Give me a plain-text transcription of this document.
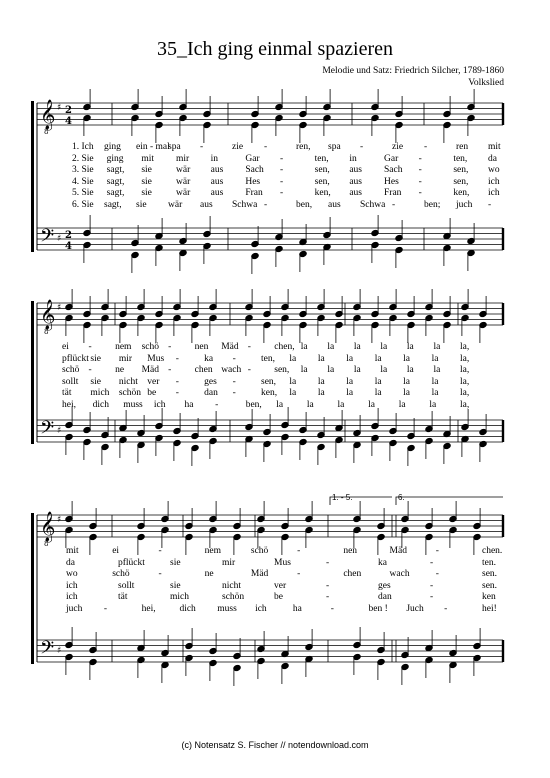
35_Ich ging einmal spazieren
Melodie und Satz: Friedrich Silcher, 1789-1860
Volkslied
𝄞
8
𝄢
♯
♯
2
4
2
4
𝄞
8
𝄢
♯
♯
𝄞
8
𝄢
♯
♯
1. Ich ging ein - mal
spa -	zie -	ren, spa -	zie -	ren mit
2. Sie ging mit mir in	Gar -	ten, in	Gar -	ten, da
3. Sie sagt, sie	wär aus Sach -	sen, aus Sach -	sen, wo
4. Sie sagt, sie	wär aus Hes -	sen, aus Hes -	sen, ich
5. Sie sagt, sie	wär aus Fran -	ken, aus Fran -	ken, ich
6. Sie sagt, sie wär aus Schwa -	ben, aus Schwa -	ben; juch -
ei - nem schö - nen Mäd - chen, la la la la la la la,
pflückt sie mir Mus -	ka -	ten, la la la la la la la,
schö - ne Mäd - chen wach - sen, la la la la la la la,
sollt sie nicht ver -	ges -	sen, la la la la la la la,
tät mich schön be -	dan -	ken, la la la la la la la,
hei, dich muss ich ha -	ben, la	la	la	la	la	la	la,
mit	ei	-	nem	schö	-	nen	Mäd	-	chen.
da	pflückt	sie	mir	Mus	-	ka	-	ten.
wo	schö	-	ne	Mäd	-	chen	wach	-	sen.
ich	sollt	sie	nicht	ver	-	ges	-	sen.
ich	tät	mich	schön	be	-	dan	-	ken
juch -	hei,	dich muss ich	ha	-	ben ! Juch -	hei!
1. - 5.	6.
(c) Notensatz S. Fischer // notendownload.com
